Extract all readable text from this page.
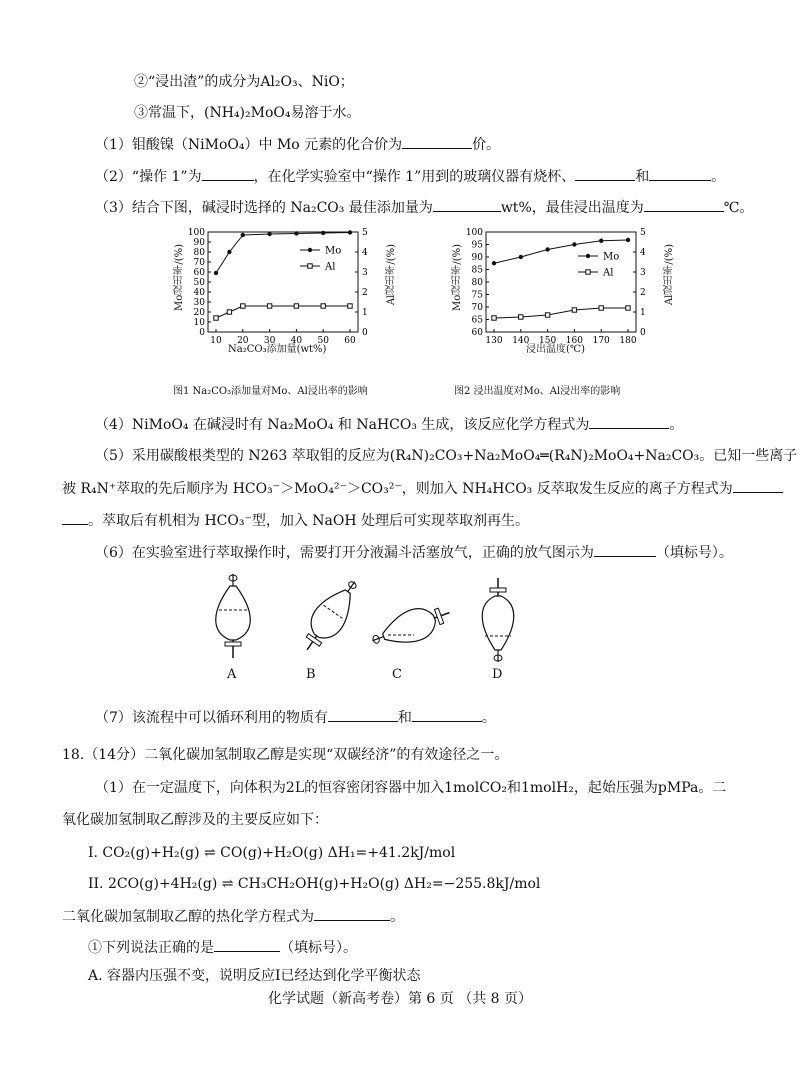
②“浸出渣”的成分为Al₂O₃、NiO；
③常温下，(NH₄)₂MoO₄易溶于水。
（1）钼酸镍（NiMoO₄）中 Mo 元素的化合价为	价。
（2）“操作 1”为	，在化学实验室中“操作 1”用到的玻璃仪器有烧杯、	和	。
（3）结合下图，碱浸时选择的 Na₂CO₃ 最佳添加量为	wt%，最佳浸出温度为	℃。
0
10
20
30
40
50
60
70
80
90
100
0
1
2
3
4
5
10 20 30 40 50 60
Mo
Al
Mo浸出率/(%)	Al浸出率/(%)
Na₂CO₃添加量(wt%)
图1 Na₂CO₃添加量对Mo、Al浸出率的影响
60
65
70
75
80
85
90
95
100
0
1
2
3
4
5
130 140 150 160 170 180
Mo
Al
Mo浸出率/(%)	Al浸出率/(%)
浸出温度(℃)
图2 浸出温度对Mo、Al浸出率的影响
（4）NiMoO₄ 在碱浸时有 Na₂MoO₄ 和 NaHCO₃ 生成，该反应化学方程式为	。
（5）采用碳酸根类型的 N263 萃取钼的反应为(R₄N)₂CO₃+Na₂MoO₄═(R₄N)₂MoO₄+Na₂CO₃。已知一些离子
被 R₄N⁺萃取的先后顺序为 HCO₃⁻＞MoO₄²⁻＞CO₃²⁻，则加入 NH₄HCO₃ 反萃取发生反应的离子方程式为
。萃取后有机相为 HCO₃⁻型，加入 NaOH 处理后可实现萃取剂再生。
（6）在实验室进行萃取操作时，需要打开分液漏斗活塞放气，正确的放气图示为	（填标号）。
A	B	C	D
（7）该流程中可以循环利用的物质有	和	。
18.（14分）二氧化碳加氢制取乙醇是实现“双碳经济”的有效途径之一。
（1）在一定温度下，向体积为2L的恒容密闭容器中加入1molCO₂和1molH₂，起始压强为pMPa。二
氧化碳加氢制取乙醇涉及的主要反应如下：
I. CO₂(g)+H₂(g) ⇌ CO(g)+H₂O(g) ΔH₁=+41.2kJ/mol
II. 2CO(g)+4H₂(g) ⇌ CH₃CH₂OH(g)+H₂O(g) ΔH₂=−255.8kJ/mol
二氧化碳加氢制取乙醇的热化学方程式为	。
①下列说法正确的是	（填标号）。
A. 容器内压强不变，说明反应I已经达到化学平衡状态
化学试题（新高考卷）第 6 页 （共 8 页）
